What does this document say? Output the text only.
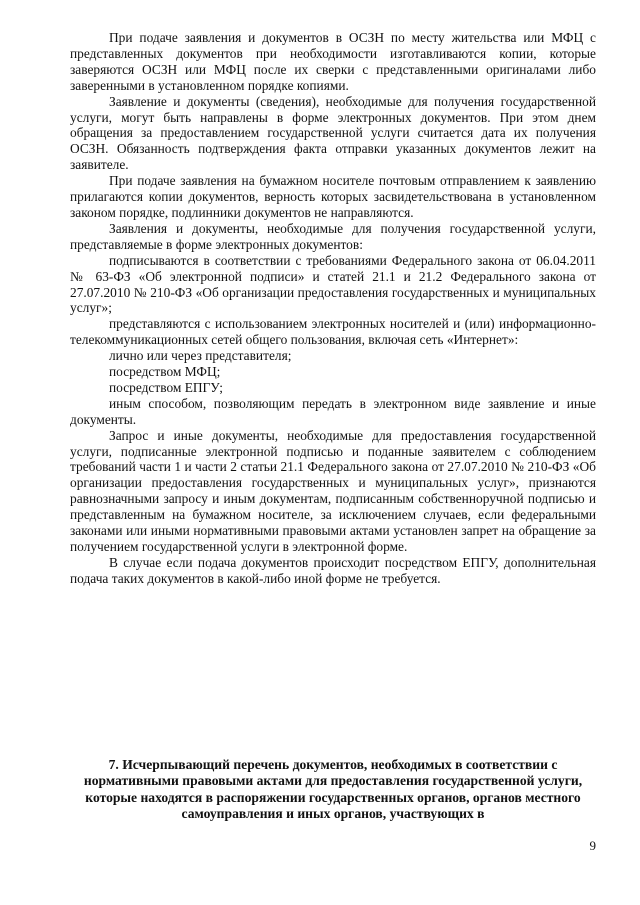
При подаче заявления и документов в ОСЗН по месту жительства или МФЦ с представленных документов при необходимости изготавливаются копии, которые заверяются ОСЗН или МФЦ после их сверки с представленными оригиналами либо заверенными в установленном порядке копиями.

Заявление и документы (сведения), необходимые для получения государственной услуги, могут быть направлены в форме электронных документов. При этом днем обращения за предоставлением государственной услуги считается дата их получения ОСЗН. Обязанность подтверждения факта отправки указанных документов лежит на заявителе.

При подаче заявления на бумажном носителе почтовым отправлением к заявлению прилагаются копии документов, верность которых засвидетельствована в установленном законом порядке, подлинники документов не направляются.

Заявления и документы, необходимые для получения государственной услуги, представляемые в форме электронных документов:

подписываются в соответствии с требованиями Федерального закона от 06.04.2011 № 63-ФЗ «Об электронной подписи» и статей 21.1 и 21.2 Федерального закона от 27.07.2010 № 210-ФЗ «Об организации предоставления государственных и муниципальных услуг»;

представляются с использованием электронных носителей и (или) информационно-телекоммуникационных сетей общего пользования, включая сеть «Интернет»:

лично или через представителя;

посредством МФЦ;

посредством ЕПГУ;

иным способом, позволяющим передать в электронном виде заявление и иные документы.

Запрос и иные документы, необходимые для предоставления государственной услуги, подписанные электронной подписью и поданные заявителем с соблюдением требований части 1 и части 2 статьи 21.1 Федерального закона от 27.07.2010 № 210-ФЗ «Об организации предоставления государственных и муниципальных услуг», признаются равнозначными запросу и иным документам, подписанным собственноручной подписью и представленным на бумажном носителе, за исключением случаев, если федеральными законами или иными нормативными правовыми актами установлен запрет на обращение за получением государственной услуги в электронной форме.

В случае если подача документов происходит посредством ЕПГУ, дополнительная подача таких документов в какой-либо иной форме не требуется.

7. Исчерпывающий перечень документов, необходимых в соответствии с нормативными правовыми актами для предоставления государственной услуги, которые находятся в распоряжении государственных органов, органов местного самоуправления и иных органов, участвующих в
9
